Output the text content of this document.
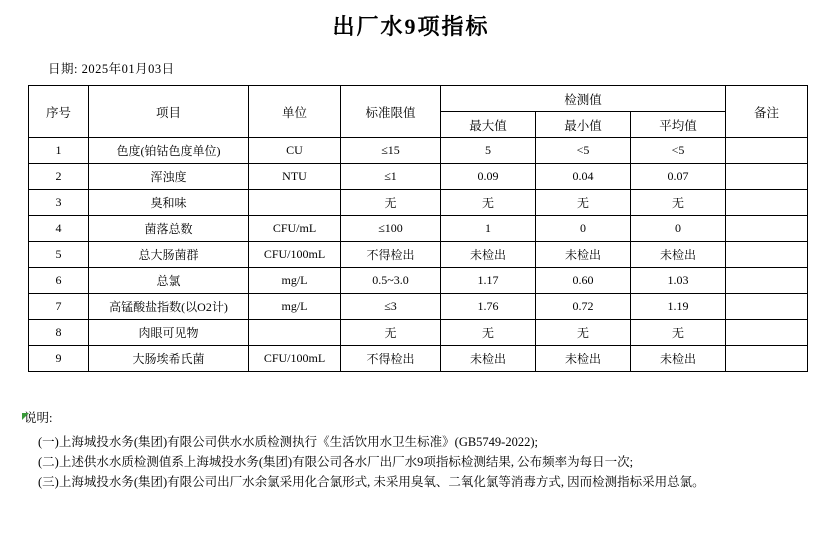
出厂水9项指标
日期: 2025年01月03日
序号	项目	单位	标准限值	检测值			备注
				最大值	最小值	平均值	
1	色度(铂钴色度单位)	CU	≤15	5	<5	<5	
2	浑浊度	NTU	≤1	0.09	0.04	0.07	
3	臭和味		无	无	无	无	
4	菌落总数	CFU/mL	≤100	1	0	0	
5	总大肠菌群	CFU/100mL	不得检出	未检出	未检出	未检出	
6	总氯	mg/L	0.5~3.0	1.17	0.60	1.03	
7	高锰酸盐指数(以O2计)	mg/L	≤3	1.76	0.72	1.19	
8	肉眼可见物		无	无	无	无	
9	大肠埃希氏菌	CFU/100mL	不得检出	未检出	未检出	未检出	
说明:
(一)上海城投水务(集团)有限公司供水水质检测执行《生活饮用水卫生标准》(GB5749-2022);
(二)上述供水水质检测值系上海城投水务(集团)有限公司各水厂出厂水9项指标检测结果, 公布频率为每日一次;
(三)上海城投水务(集团)有限公司出厂水余氯采用化合氯形式, 未采用臭氧、二氧化氯等消毒方式, 因而检测指标采用总氯。
